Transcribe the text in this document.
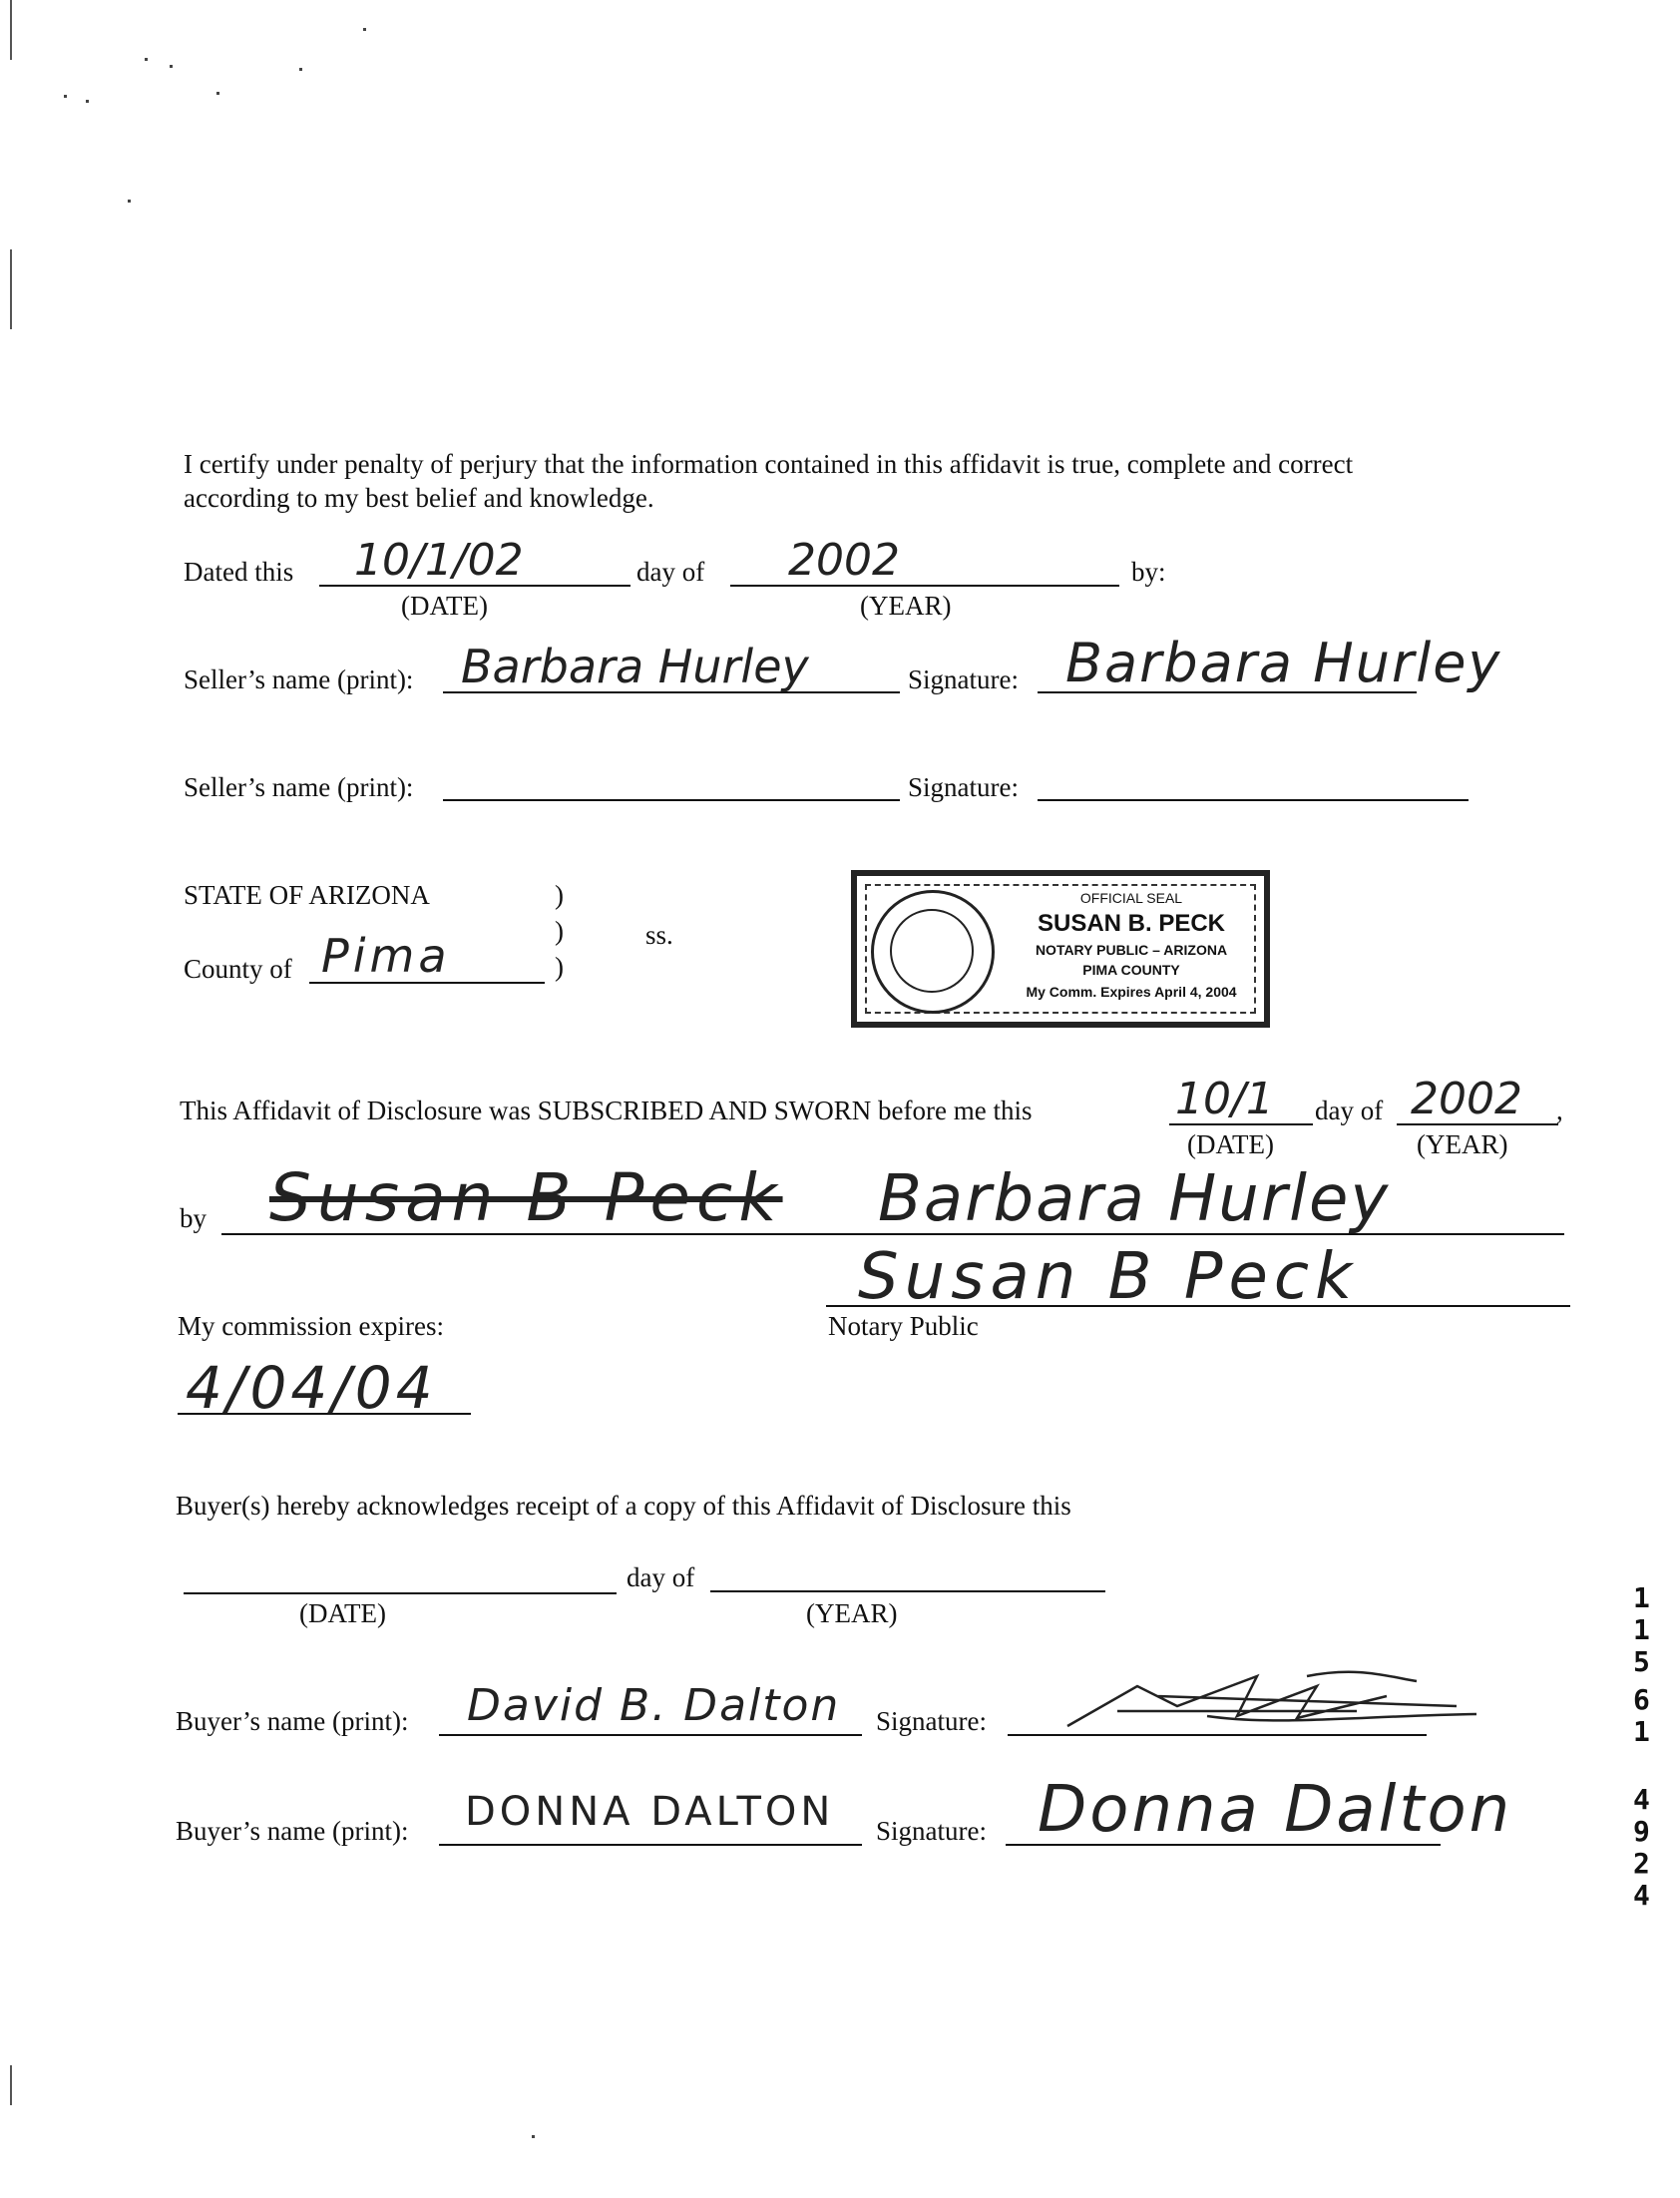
I certify under penalty of perjury that the information contained in this affidavit is true, complete and correct
according to my best belief and knowledge.
Dated this 10/1/02	day of 2002	by:
(DATE)	(YEAR)
Seller’s name (print): Barbara Hurley	Signature: Barbara Hurley
Seller’s name (print):	Signature:
STATE OF ARIZONA	)
)
)
ss.
County of Pima
OFFICIAL SEAL
SUSAN B. PECK
NOTARY PUBLIC – ARIZONA
PIMA COUNTY
My Comm. Expires April 4, 2004
This Affidavit of Disclosure was SUBSCRIBED AND SWORN before me this	10/1 day of 2002 ,
(DATE)	(YEAR)
by Susan B Peck Barbara Hurley
Susan B Peck
Notary Public
My commission expires:
4/04/04
Buyer(s) hereby acknowledges receipt of a copy of this Affidavit of Disclosure this
day of
(DATE)	(YEAR)
Buyer’s name (print): David B. Dalton Signature:
Buyer’s name (print): DONNA DALTON Signature: Donna Dalton
1
1
5
6
1
4
9
2
4
